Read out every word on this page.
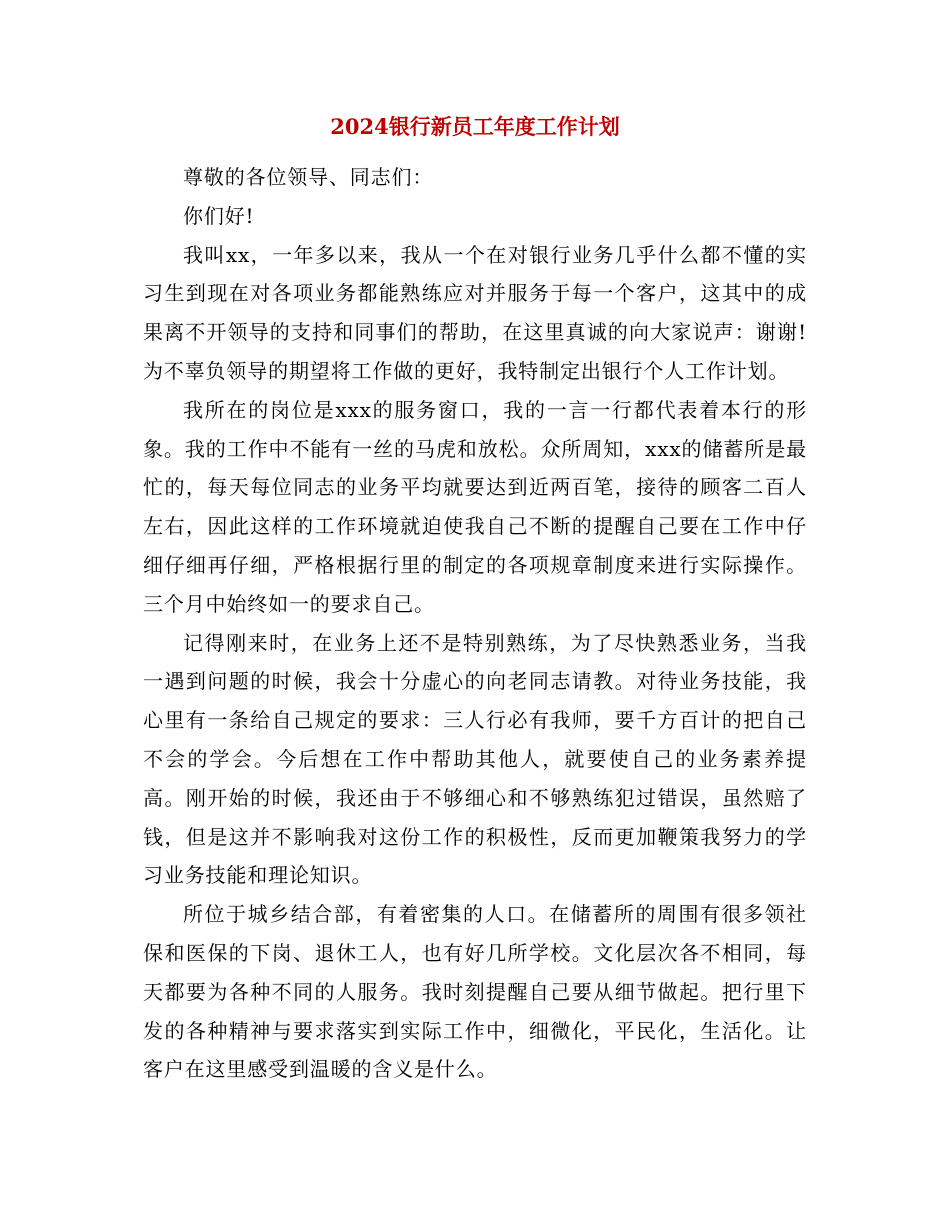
2024银行新员工年度工作计划

尊敬的各位领导、同志们：

你们好!

我叫xx，一年多以来，我从一个在对银行业务几乎什么都不懂的实习生到现在对各项业务都能熟练应对并服务于每一个客户，这其中的成果离不开领导的支持和同事们的帮助，在这里真诚的向大家说声：谢谢!为不辜负领导的期望将工作做的更好，我特制定出银行个人工作计划。

我所在的岗位是xxx的服务窗口，我的一言一行都代表着本行的形象。我的工作中不能有一丝的马虎和放松。众所周知，xxx的储蓄所是最忙的，每天每位同志的业务平均就要达到近两百笔，接待的顾客二百人左右，因此这样的工作环境就迫使我自己不断的提醒自己要在工作中仔细仔细再仔细，严格根据行里的制定的各项规章制度来进行实际操作。三个月中始终如一的要求自己。

记得刚来时，在业务上还不是特别熟练，为了尽快熟悉业务，当我一遇到问题的时候，我会十分虚心的向老同志请教。对待业务技能，我心里有一条给自己规定的要求：三人行必有我师，要千方百计的把自己不会的学会。今后想在工作中帮助其他人，就要使自己的业务素养提高。刚开始的时候，我还由于不够细心和不够熟练犯过错误，虽然赔了钱，但是这并不影响我对这份工作的积极性，反而更加鞭策我努力的学习业务技能和理论知识。

所位于城乡结合部，有着密集的人口。在储蓄所的周围有很多领社保和医保的下岗、退休工人，也有好几所学校。文化层次各不相同，每天都要为各种不同的人服务。我时刻提醒自己要从细节做起。把行里下发的各种精神与要求落实到实际工作中，细微化，平民化，生活化。让客户在这里感受到温暖的含义是什么。
